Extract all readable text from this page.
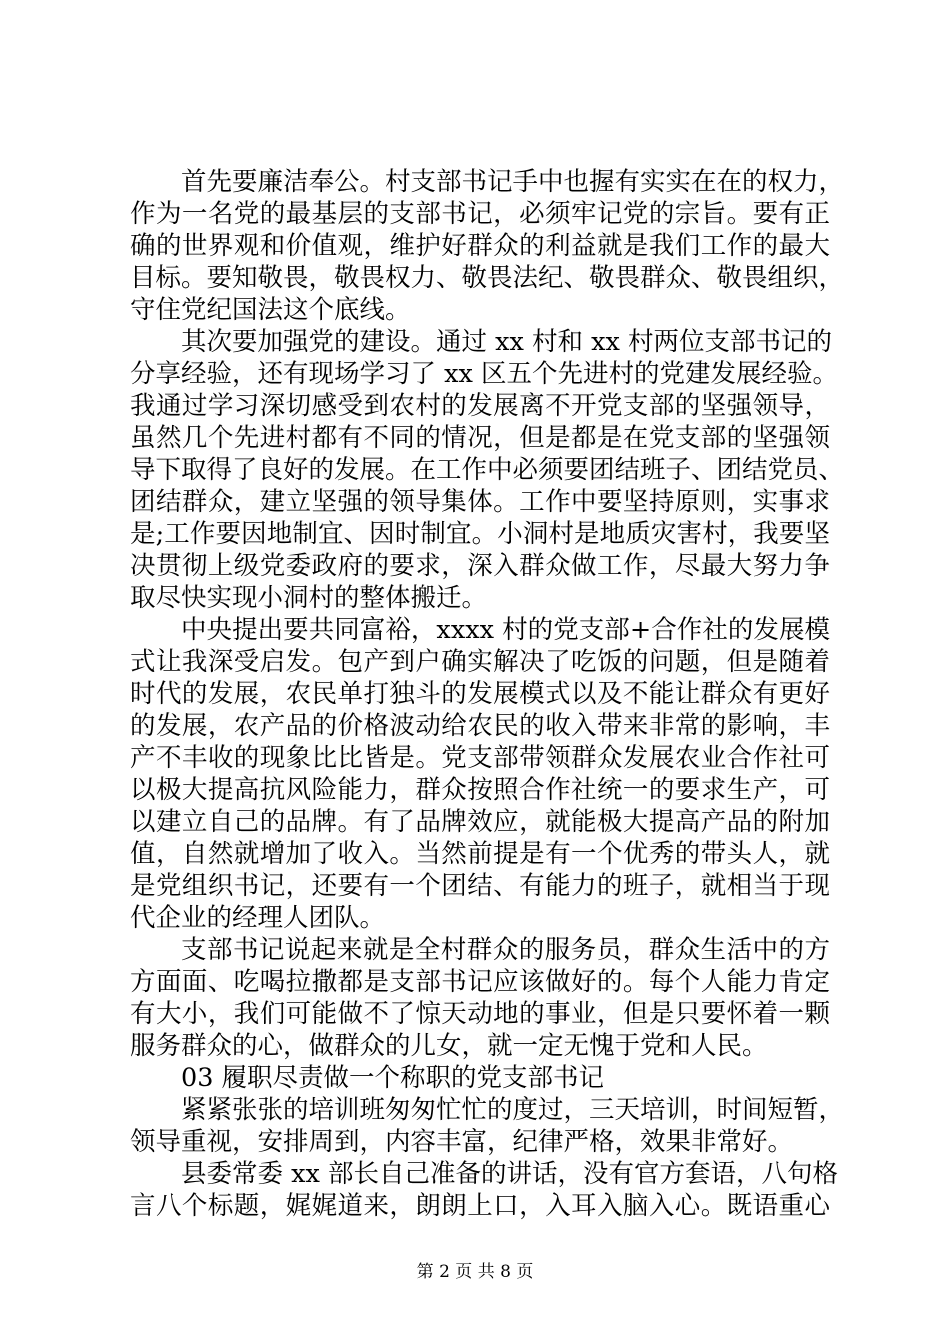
首先要廉洁奉公。村支部书记手中也握有实实在在的权力，
作为一名党的最基层的支部书记，必须牢记党的宗旨。要有正
确的世界观和价值观，维护好群众的利益就是我们工作的最大
目标。要知敬畏，敬畏权力、敬畏法纪、敬畏群众、敬畏组织，
守住党纪国法这个底线。
其次要加强党的建设。通过 xx 村和 xx 村两位支部书记的
分享经验，还有现场学习了 xx 区五个先进村的党建发展经验。
我通过学习深切感受到农村的发展离不开党支部的坚强领导，
虽然几个先进村都有不同的情况，但是都是在党支部的坚强领
导下取得了良好的发展。在工作中必须要团结班子、团结党员、
团结群众，建立坚强的领导集体。工作中要坚持原则，实事求
是;工作要因地制宜、因时制宜。小洞村是地质灾害村，我要坚
决贯彻上级党委政府的要求，深入群众做工作，尽最大努力争
取尽快实现小洞村的整体搬迁。
中央提出要共同富裕，xxxx 村的党支部+合作社的发展模
式让我深受启发。包产到户确实解决了吃饭的问题，但是随着
时代的发展，农民单打独斗的发展模式以及不能让群众有更好
的发展，农产品的价格波动给农民的收入带来非常的影响，丰
产不丰收的现象比比皆是。党支部带领群众发展农业合作社可
以极大提高抗风险能力，群众按照合作社统一的要求生产，可
以建立自己的品牌。有了品牌效应，就能极大提高产品的附加
值，自然就增加了收入。当然前提是有一个优秀的带头人，就
是党组织书记，还要有一个团结、有能力的班子，就相当于现
代企业的经理人团队。
支部书记说起来就是全村群众的服务员，群众生活中的方
方面面、吃喝拉撒都是支部书记应该做好的。每个人能力肯定
有大小，我们可能做不了惊天动地的事业，但是只要怀着一颗
服务群众的心，做群众的儿女，就一定无愧于党和人民。
03 履职尽责做一个称职的党支部书记
紧紧张张的培训班匆匆忙忙的度过，三天培训，时间短暂，
领导重视，安排周到，内容丰富，纪律严格，效果非常好。
县委常委 xx 部长自己准备的讲话，没有官方套语，八句格
言八个标题，娓娓道来，朗朗上口，入耳入脑入心。既语重心
第 2 页 共 8 页
